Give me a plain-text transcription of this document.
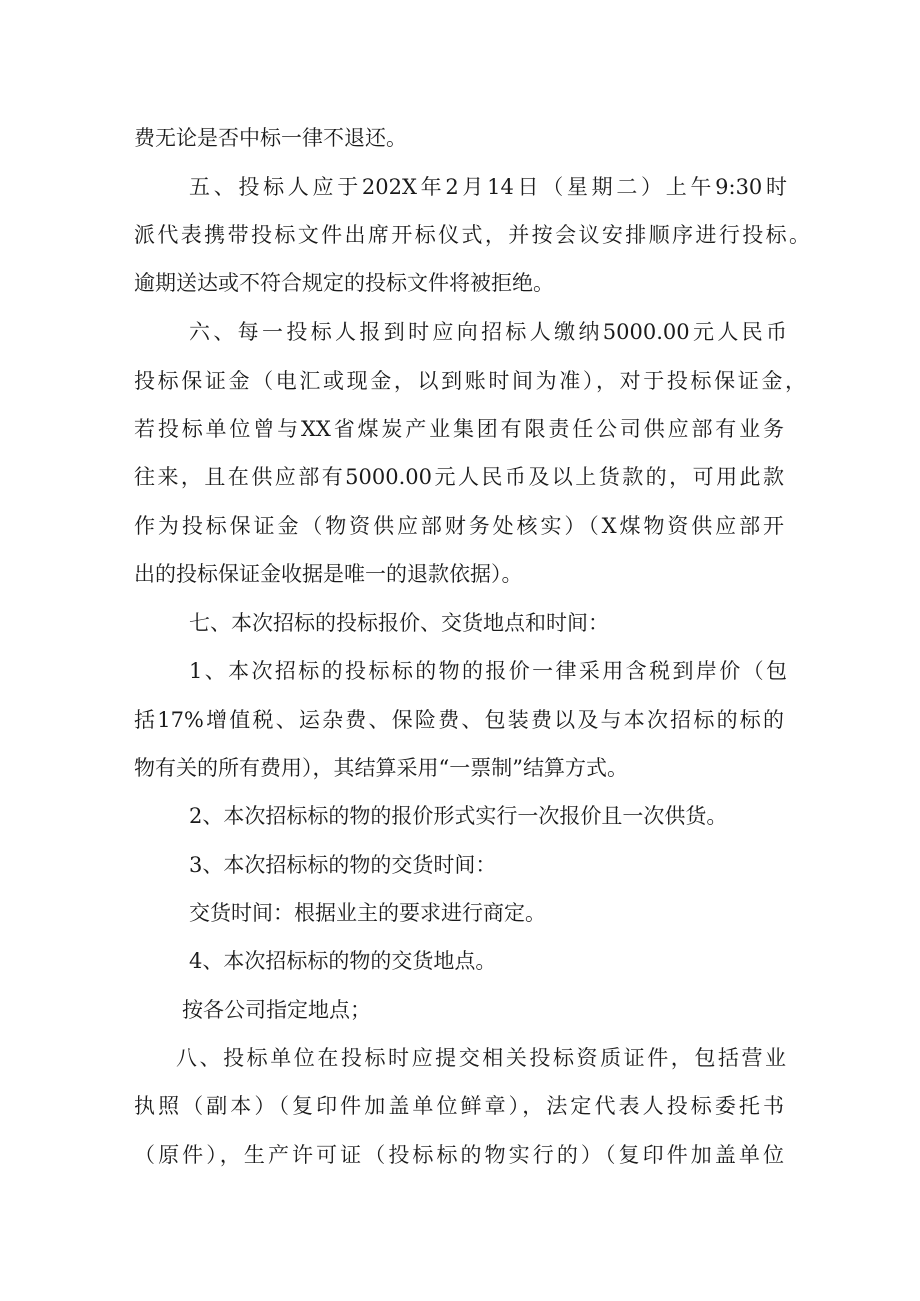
费无论是否中标一律不退还。

五、投标人应于202X年2月14日（星期二）上午9:30时

派代表携带投标文件出席开标仪式，并按会议安排顺序进行投标。

逾期送达或不符合规定的投标文件将被拒绝。

六、每一投标人报到时应向招标人缴纳5000.00元人民币

投标保证金（电汇或现金，以到账时间为准），对于投标保证金，

若投标单位曾与XX省煤炭产业集团有限责任公司供应部有业务

往来，且在供应部有5000.00元人民币及以上货款的，可用此款

作为投标保证金（物资供应部财务处核实）（X煤物资供应部开

出的投标保证金收据是唯一的退款依据）。

七、本次招标的投标报价、交货地点和时间：

1、本次招标的投标标的物的报价一律采用含税到岸价（包

括17%增值税、运杂费、保险费、包装费以及与本次招标的标的

物有关的所有费用），其结算采用“一票制”结算方式。

2、本次招标标的物的报价形式实行一次报价且一次供货。

3、本次招标标的物的交货时间：

交货时间：根据业主的要求进行商定。

4、本次招标标的物的交货地点。

按各公司指定地点；

八、投标单位在投标时应提交相关投标资质证件，包括营业

执照（副本）（复印件加盖单位鲜章），法定代表人投标委托书

（原件），生产许可证（投标标的物实行的）（复印件加盖单位
